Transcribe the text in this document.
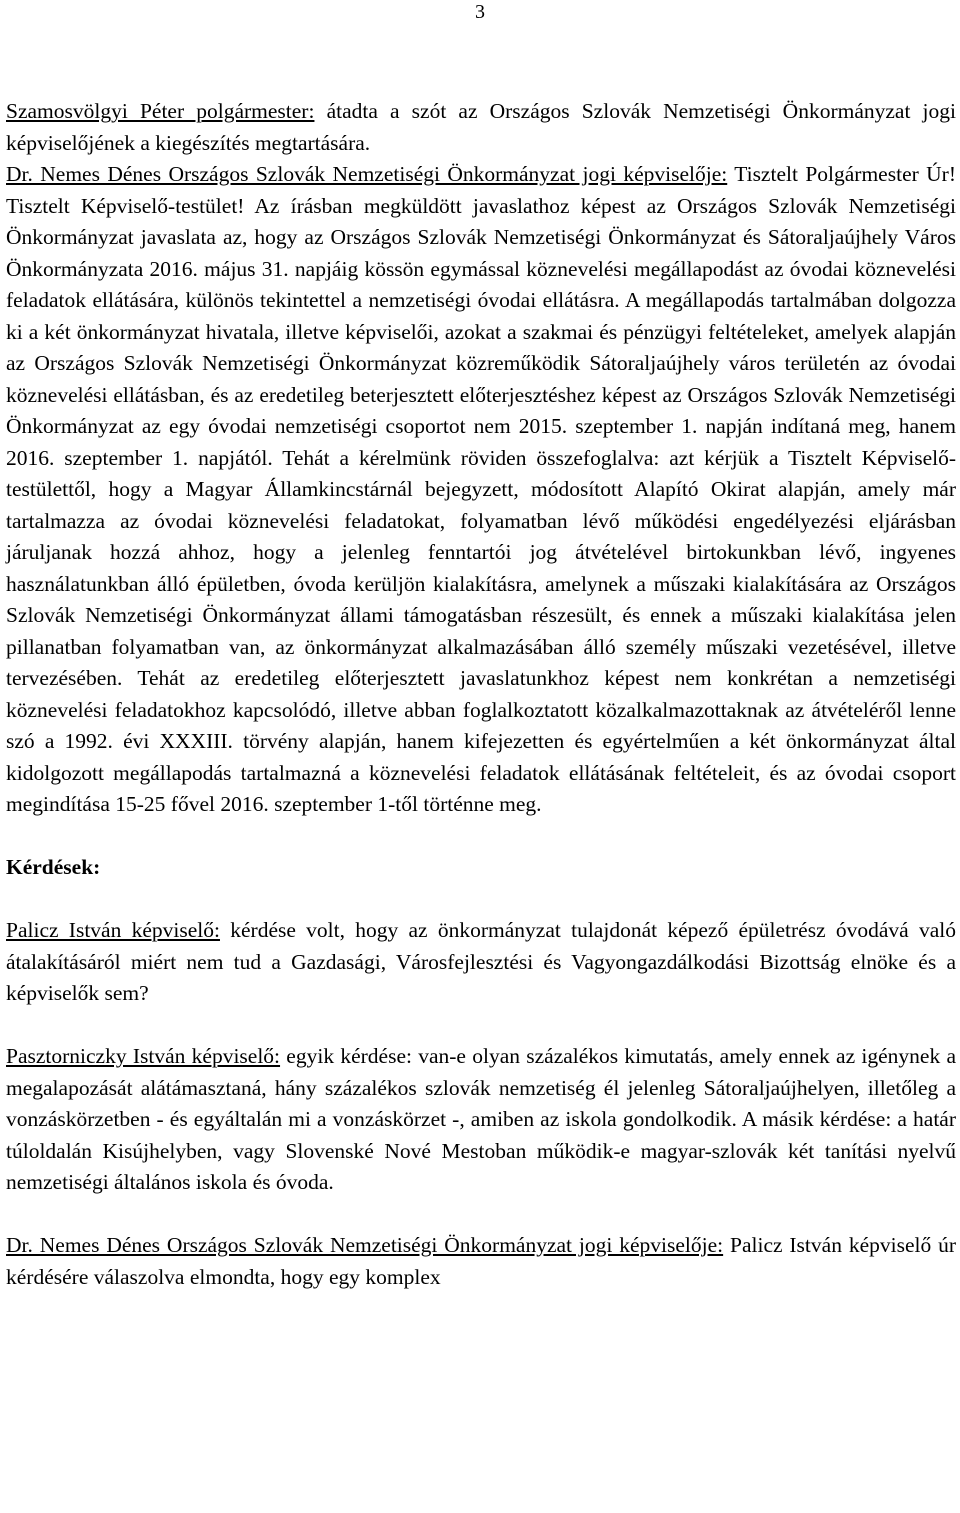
3

Szamosvölgyi Péter polgármester: átadta a szót az Országos Szlovák Nemzetiségi Önkormányzat jogi képviselőjének a kiegészítés megtartására.

Dr. Nemes Dénes Országos Szlovák Nemzetiségi Önkormányzat jogi képviselője: Tisztelt Polgármester Úr! Tisztelt Képviselő-testület! Az írásban megküldött javaslathoz képest az Országos Szlovák Nemzetiségi Önkormányzat javaslata az, hogy az Országos Szlovák Nemzetiségi Önkormányzat és Sátoraljaújhely Város Önkormányzata 2016. május 31. napjáig kössön egymással köznevelési megállapodást az óvodai köznevelési feladatok ellátására, különös tekintettel a nemzetiségi óvodai ellátásra. A megállapodás tartalmában dolgozza ki a két önkormányzat hivatala, illetve képviselői, azokat a szakmai és pénzügyi feltételeket, amelyek alapján az Országos Szlovák Nemzetiségi Önkormányzat közreműködik Sátoraljaújhely város területén az óvodai köznevelési ellátásban, és az eredetileg beterjesztett előterjesztéshez képest az Országos Szlovák Nemzetiségi Önkormányzat az egy óvodai nemzetiségi csoportot nem 2015. szeptember 1. napján indítaná meg, hanem 2016. szeptember 1. napjától. Tehát a kérelmünk röviden összefoglalva: azt kérjük a Tisztelt Képviselő-testülettől, hogy a Magyar Államkincstárnál bejegyzett, módosított Alapító Okirat alapján, amely már tartalmazza az óvodai köznevelési feladatokat, folyamatban lévő működési engedélyezési eljárásban járuljanak hozzá ahhoz, hogy a jelenleg fenntartói jog átvételével birtokunkban lévő, ingyenes használatunkban álló épületben, óvoda kerüljön kialakításra, amelynek a műszaki kialakítására az Országos Szlovák Nemzetiségi Önkormányzat állami támogatásban részesült, és ennek a műszaki kialakítása jelen pillanatban folyamatban van, az önkormányzat alkalmazásában álló személy műszaki vezetésével, illetve tervezésében. Tehát az eredetileg előterjesztett javaslatunkhoz képest nem konkrétan a nemzetiségi köznevelési feladatokhoz kapcsolódó, illetve abban foglalkoztatott közalkalmazottaknak az átvételéről lenne szó a 1992. évi XXXIII. törvény alapján, hanem kifejezetten és egyértelműen a két önkormányzat által kidolgozott megállapodás tartalmazná a köznevelési feladatok ellátásának feltételeit, és az óvodai csoport megindítása 15-25 fővel 2016. szeptember 1-től történne meg.

Kérdések:

Palicz István képviselő: kérdése volt, hogy az önkormányzat tulajdonát képező épületrész óvodává való átalakításáról miért nem tud a Gazdasági, Városfejlesztési és Vagyongazdálkodási Bizottság elnöke és a képviselők sem?

Pasztorniczky István képviselő: egyik kérdése: van-e olyan százalékos kimutatás, amely ennek az igénynek a megalapozását alátámasztaná, hány százalékos szlovák nemzetiség él jelenleg Sátoraljaújhelyen, illetőleg a vonzáskörzetben - és egyáltalán mi a vonzáskörzet -, amiben az iskola gondolkodik. A másik kérdése: a határ túloldalán Kisújhelyben, vagy Slovenské Nové Mestoban működik-e magyar-szlovák két tanítási nyelvű nemzetiségi általános iskola és óvoda.

Dr. Nemes Dénes Országos Szlovák Nemzetiségi Önkormányzat jogi képviselője: Palicz István képviselő úr kérdésére válaszolva elmondta, hogy egy komplex
